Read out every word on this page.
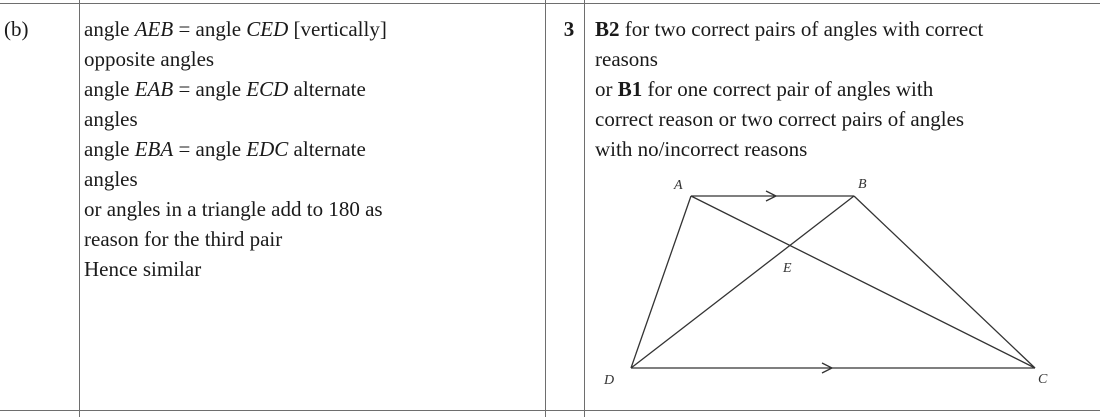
(b)	angle AEB = angle CED [vertically]
opposite angles
angle EAB = angle ECD alternate
angles
angle EBA = angle EDC alternate
angles
or angles in a triangle add to 180 as
reason for the third pair
Hence similar
3 B2 for two correct pairs of angles with correct
reasons
or B1 for one correct pair of angles with
correct reason or two correct pairs of angles
with no/incorrect reasons
A	B
C
D
E
